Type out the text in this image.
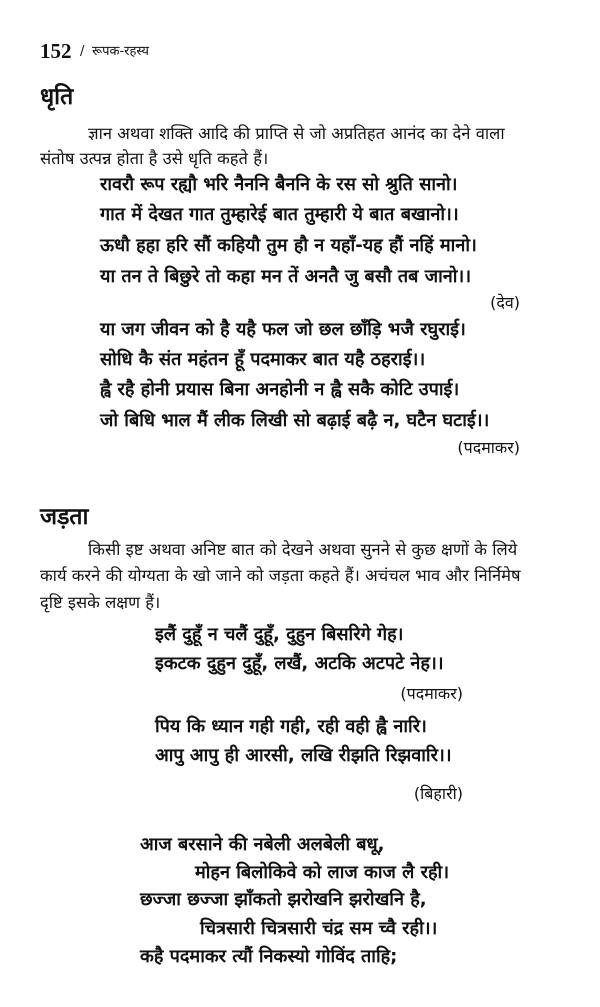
152 / रूपक-रहस्य
धृति
ज्ञान अथवा शक्ति आदि की प्राप्ति से जो अप्रतिहत आनंद का देने वाला
संतोष उत्पन्न होता है उसे धृति कहते हैं।
रावरौ रूप रह्यौ भरि नैननि बैननि के रस सो श्रुति सानो।
गात में देखत गात तुम्हारेई बात तुम्हारी ये बात बखानो।।
ऊधौ हहा हरि सौं कहियौ तुम हौ न यहाँ-यह हौं नहिं मानो।
या तन ते बिछुरे तो कहा मन तें अनतै जु बसौ तब जानो।।
(देव)
या जग जीवन को है यहै फल जो छल छाँड़ि भजै रघुराई।
सोधि कै संत महंतन हूँ पदमाकर बात यहै ठहराई।।
ह्वै रहै होनी प्रयास बिना अनहोनी न ह्वै सकै कोटि उपाई।
जो बिधि भाल मैं लीक लिखी सो बढ़ाई बढ़ै न, घटैन घटाई।।
(पदमाकर)
जड़ता
किसी इष्ट अथवा अनिष्ट बात को देखने अथवा सुनने से कुछ क्षणों के लिये
कार्य करने की योग्यता के खो जाने को जड़ता कहते हैं। अचंचल भाव और निर्निमेष
दृष्टि इसके लक्षण हैं।
इलैं दुहूँ न चलैं दुहूँ, दुहुन बिसरिगे गेह।
इकटक दुहुन दुहूँ, लखैं, अटकि अटपटे नेह।।
(पदमाकर)
पिय कि ध्यान गही गही, रही वही ह्वै नारि।
आपु आपु ही आरसी, लखि रीझति रिझवारि।।
(बिहारी)
आज बरसाने की नबेली अलबेली बधू,
मोहन बिलोकिवे को लाज काज लै रही।
छज्जा छज्जा झाँकतो झरोखनि झरोखनि है,
चित्रसारी चित्रसारी चंद्र सम च्वै रही।।
कहै पदमाकर त्यौं निकस्यो गोविंद ताहि;
